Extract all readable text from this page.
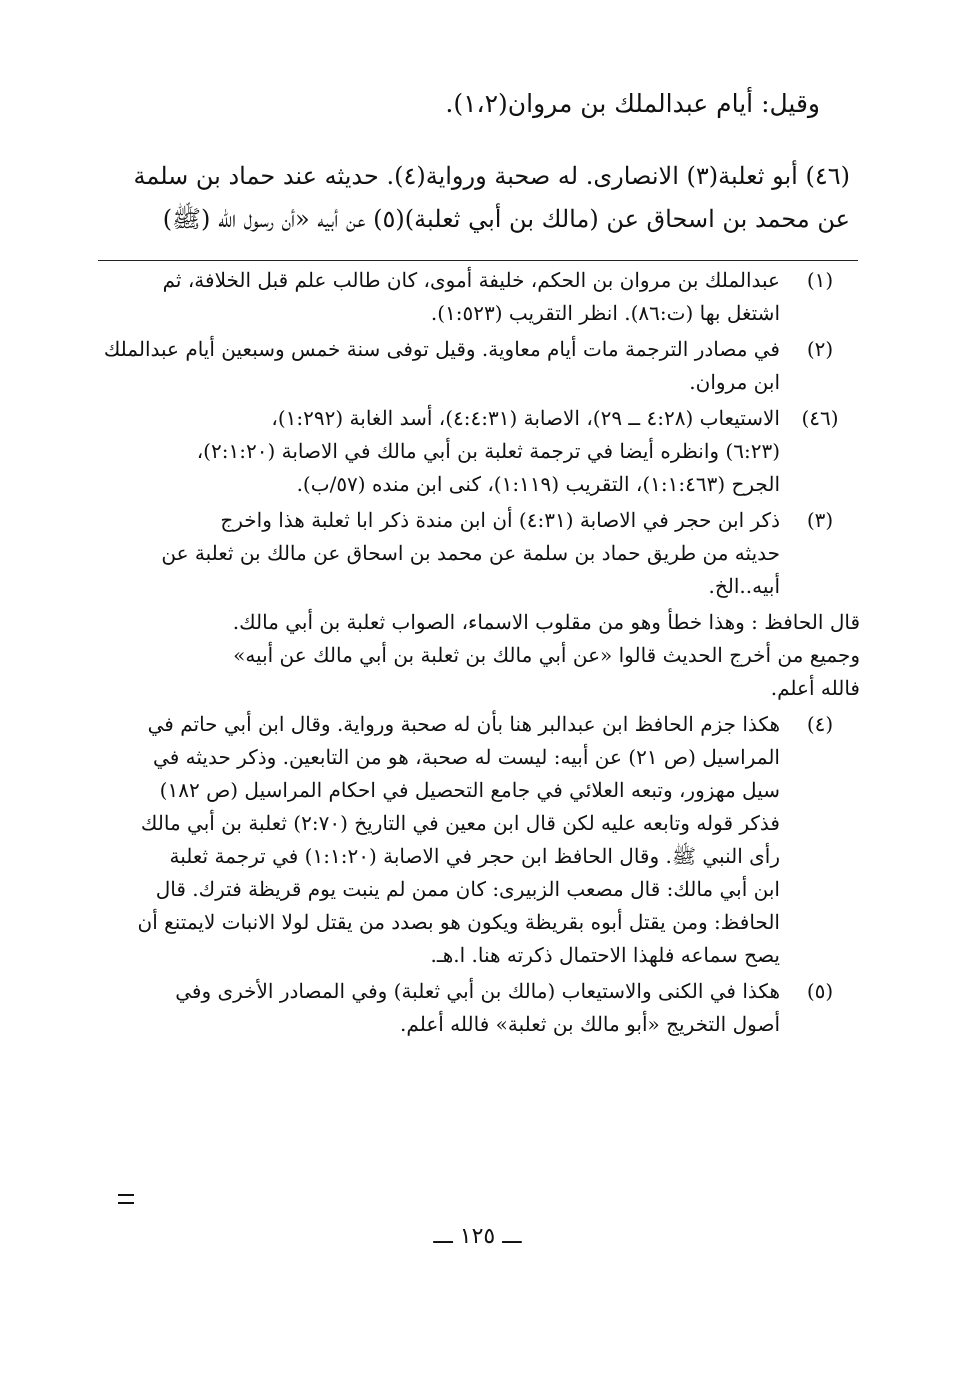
وقيل: أيام عبدالملك بن مروان(١،٢).

(٤٦) أبو ثعلبة(٣) الانصارى. له صحبة ورواية(٤). حديثه عند حماد بن سلمة

عن محمد بن اسحاق عن (مالك بن أبي ثعلبة)(٥) عن أبيه «أن رسول الله (ﷺ)

(١)

عبدالملك بن مروان بن الحكم، خليفة أموى، كان طالب علم قبل الخلافة، ثم

اشتغل بها (ت:٨٦). انظر التقريب (١:٥٢٣).

(٢)

في مصادر الترجمة مات أيام معاوية. وقيل توفى سنة خمس وسبعين أيام عبدالملك

ابن مروان.

(٤٦)

الاستيعاب (٤:٢٨ ــ ٢٩)، الاصابة (٤:٤:٣١)، أسد الغابة (١:٢٩٢)،

(٦:٢٣) وانظره أيضا في ترجمة ثعلبة بن أبي مالك في الاصابة (٢:١:٢٠)،

الجرح (١:١:٤٦٣)، التقريب (١:١١٩)، كنى ابن منده (٥٧/ب).

(٣)

ذكر ابن حجر في الاصابة (٤:٣١) أن ابن مندة ذكر ابا ثعلبة هذا واخرج

حديثه من طريق حماد بن سلمة عن محمد بن اسحاق عن مالك بن ثعلبة عن

أبيه..الخ.

قال الحافظ : وهذا خطأ وهو من مقلوب الاسماء، الصواب ثعلبة بن أبي مالك.

وجميع من أخرج الحديث قالوا «عن أبي مالك بن ثعلبة بن أبي مالك عن أبيه»

فالله أعلم.

(٤)

هكذا جزم الحافظ ابن عبدالبر هنا بأن له صحبة ورواية. وقال ابن أبي حاتم في

المراسيل (ص ٢١) عن أبيه: ليست له صحبة، هو من التابعين. وذكر حديثه في

سيل مهزور، وتبعه العلائي في جامع التحصيل في احكام المراسيل (ص ١٨٢)

فذكر قوله وتابعه عليه لكن قال ابن معين في التاريخ (٢:٧٠) ثعلبة بن أبي مالك

رأى النبي ﷺ. وقال الحافظ ابن حجر في الاصابة (١:١:٢٠) في ترجمة ثعلبة

ابن أبي مالك: قال مصعب الزبيرى: كان ممن لم ينبت يوم قريظة فترك. قال

الحافظ: ومن يقتل أبوه بقريظة ويكون هو بصدد من يقتل لولا الانبات لايمتنع أن

يصح سماعه فلهذا الاحتمال ذكرته هنا. ا.هـ.

(٥)

هكذا في الكنى والاستيعاب (مالك بن أبي ثعلبة) وفي المصادر الأخرى وفي

أصول التخريج «أبو مالك بن ثعلبة» فالله أعلم.

ـــ ١٢٥ ـــ
